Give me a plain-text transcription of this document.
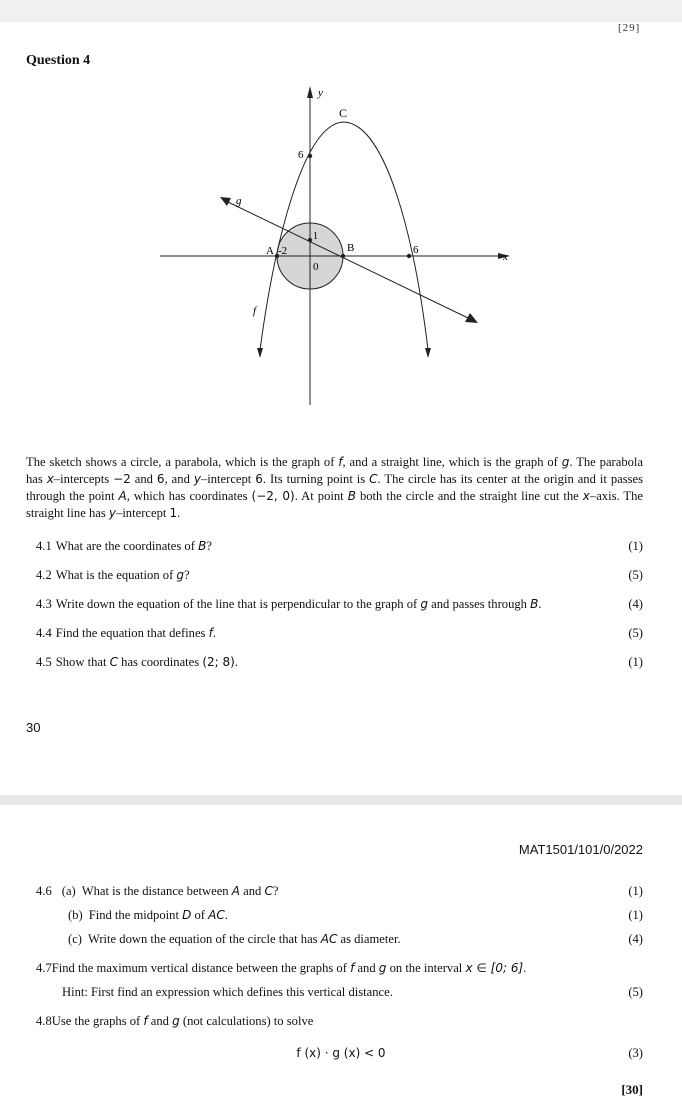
[29]
Question 4
y
x
C
6
g
A -2
1
0
B	6
f
The sketch shows a circle, a parabola, which is the graph of f, and a straight line, which is the graph of g. The parabola has x–intercepts −2 and 6, and y–intercept 6. Its turning point is C. The circle has its center at the origin and it passes through the point A, which has coordinates (−2, 0). At point B both the circle and the straight line cut the x–axis. The straight line has y–intercept 1.
4.1 What are the coordinates of B?	(1)
4.2 What is the equation of g?	(5)
4.3 Write down the equation of the line that is perpendicular to the graph of g and passes through B.	(4)
4.4 Find the equation that defines f.	(5)
4.5 Show that C has coordinates (2; 8).	(1)
30
MAT1501/101/0/2022
4.6 (a) What is the distance between A and C?	(1)
(b) Find the midpoint D of AC.	(1)
(c) Write down the equation of the circle that has AC as diameter.	(4)
4.7Find the maximum vertical distance between the graphs of f and g on the interval x ∈ [0; 6].
Hint: First find an expression which defines this vertical distance.	(5)
4.8Use the graphs of f and g (not calculations) to solve
f (x) · g (x) < 0	(3)
[30]
